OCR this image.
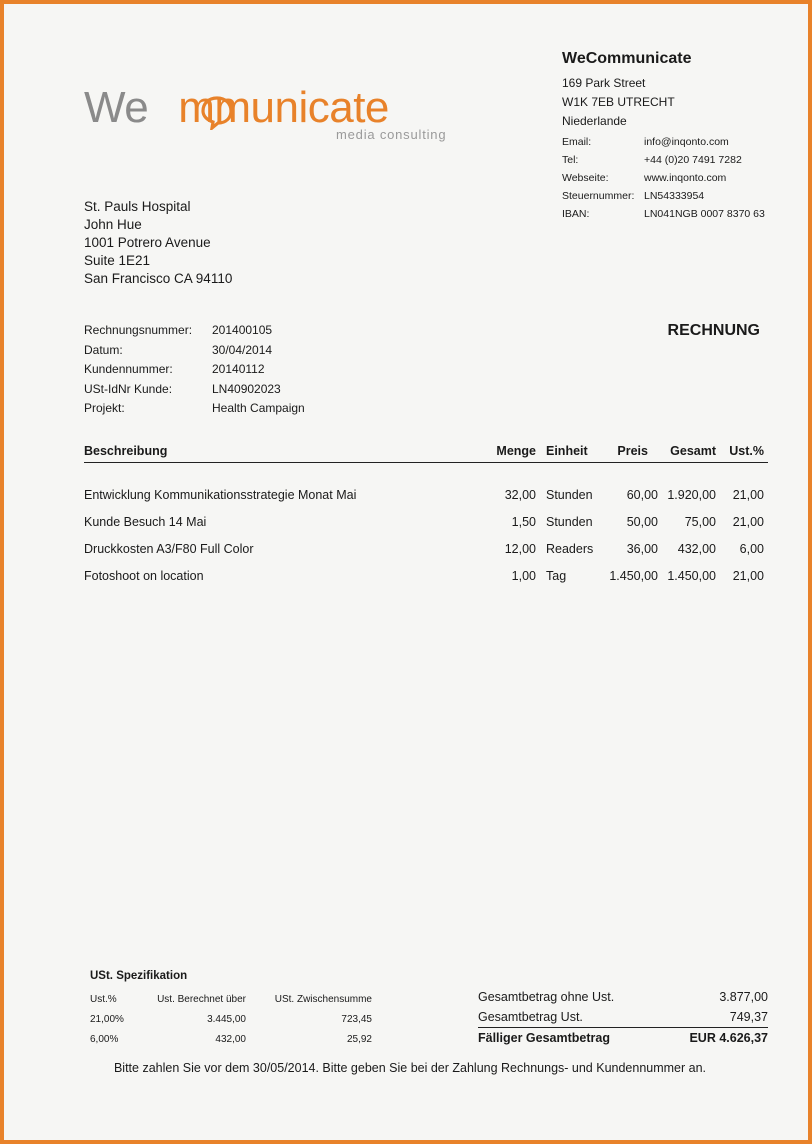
We mmunicate
media consulting
WeCommunicate
169 Park Street
W1K 7EB UTRECHT
Niederlande
Email:	info@inqonto.com
Tel:	+44 (0)20 7491 7282
Webseite:	www.inqonto.com
Steuernummer: LN54333954
IBAN:	LN041NGB 0007 8370 63
St. Pauls Hospital
John Hue
1001 Potrero Avenue
Suite 1E21
San Francisco CA 94110
RECHNUNG
Rechnungsnummer: 201400105
Datum:	30/04/2014
Kundennummer:	20140112
USt-IdNr Kunde:	LN40902023
Projekt:	Health Campaign
Beschreibung	Menge Einheit Preis Gesamt Ust.%
Entwicklung Kommunikationsstrategie Monat Mai	32,00 Stunden	60,00 1.920,00 21,00
Kunde Besuch 14 Mai	1,50 Stunden	50,00 75,00 21,00
Druckkosten A3/F80 Full Color	12,00 Readers	36,00 432,00 6,00
Fotoshoot on location	1,00 Tag	1.450,00 1.450,00 21,00
USt. Spezifikation
Ust.%	Ust. Berechnet über	USt. Zwischensumme
21,00%	3.445,00	723,45
6,00%	432,00	25,92
Gesamtbetrag ohne Ust.	3.877,00
Gesamtbetrag Ust.	749,37
Fälliger Gesamtbetrag	EUR 4.626,37
Bitte zahlen Sie vor dem 30/05/2014. Bitte geben Sie bei der Zahlung Rechnungs- und Kundennummer an.
